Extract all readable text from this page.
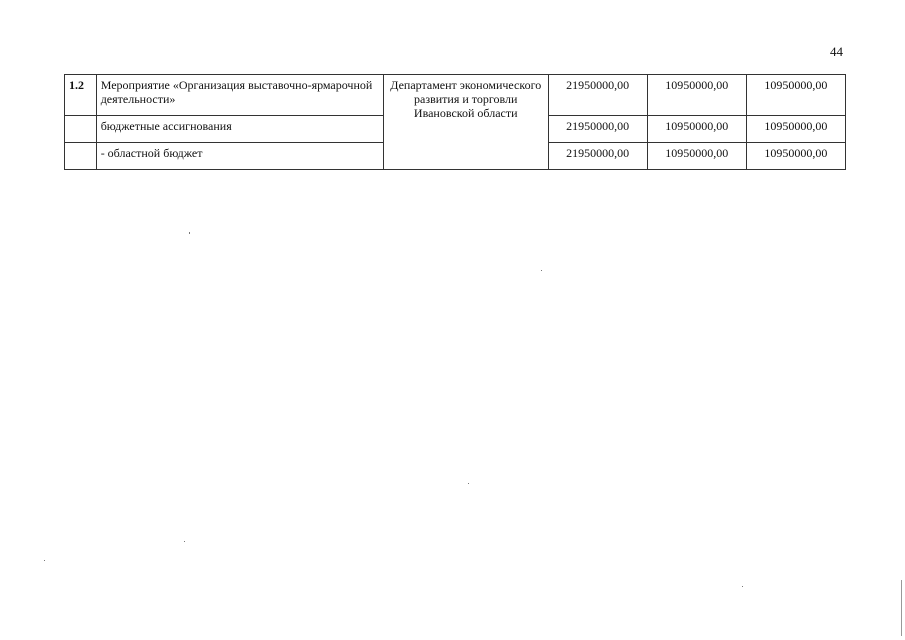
44
1.2	Мероприятие «Организация выставочно-ярмарочной деятельности»	Департамент экономического развития и торговли Ивановской области	21950000,00	10950000,00	10950000,00
	бюджетные ассигнования		21950000,00	10950000,00	10950000,00
	- областной бюджет		21950000,00	10950000,00	10950000,00
